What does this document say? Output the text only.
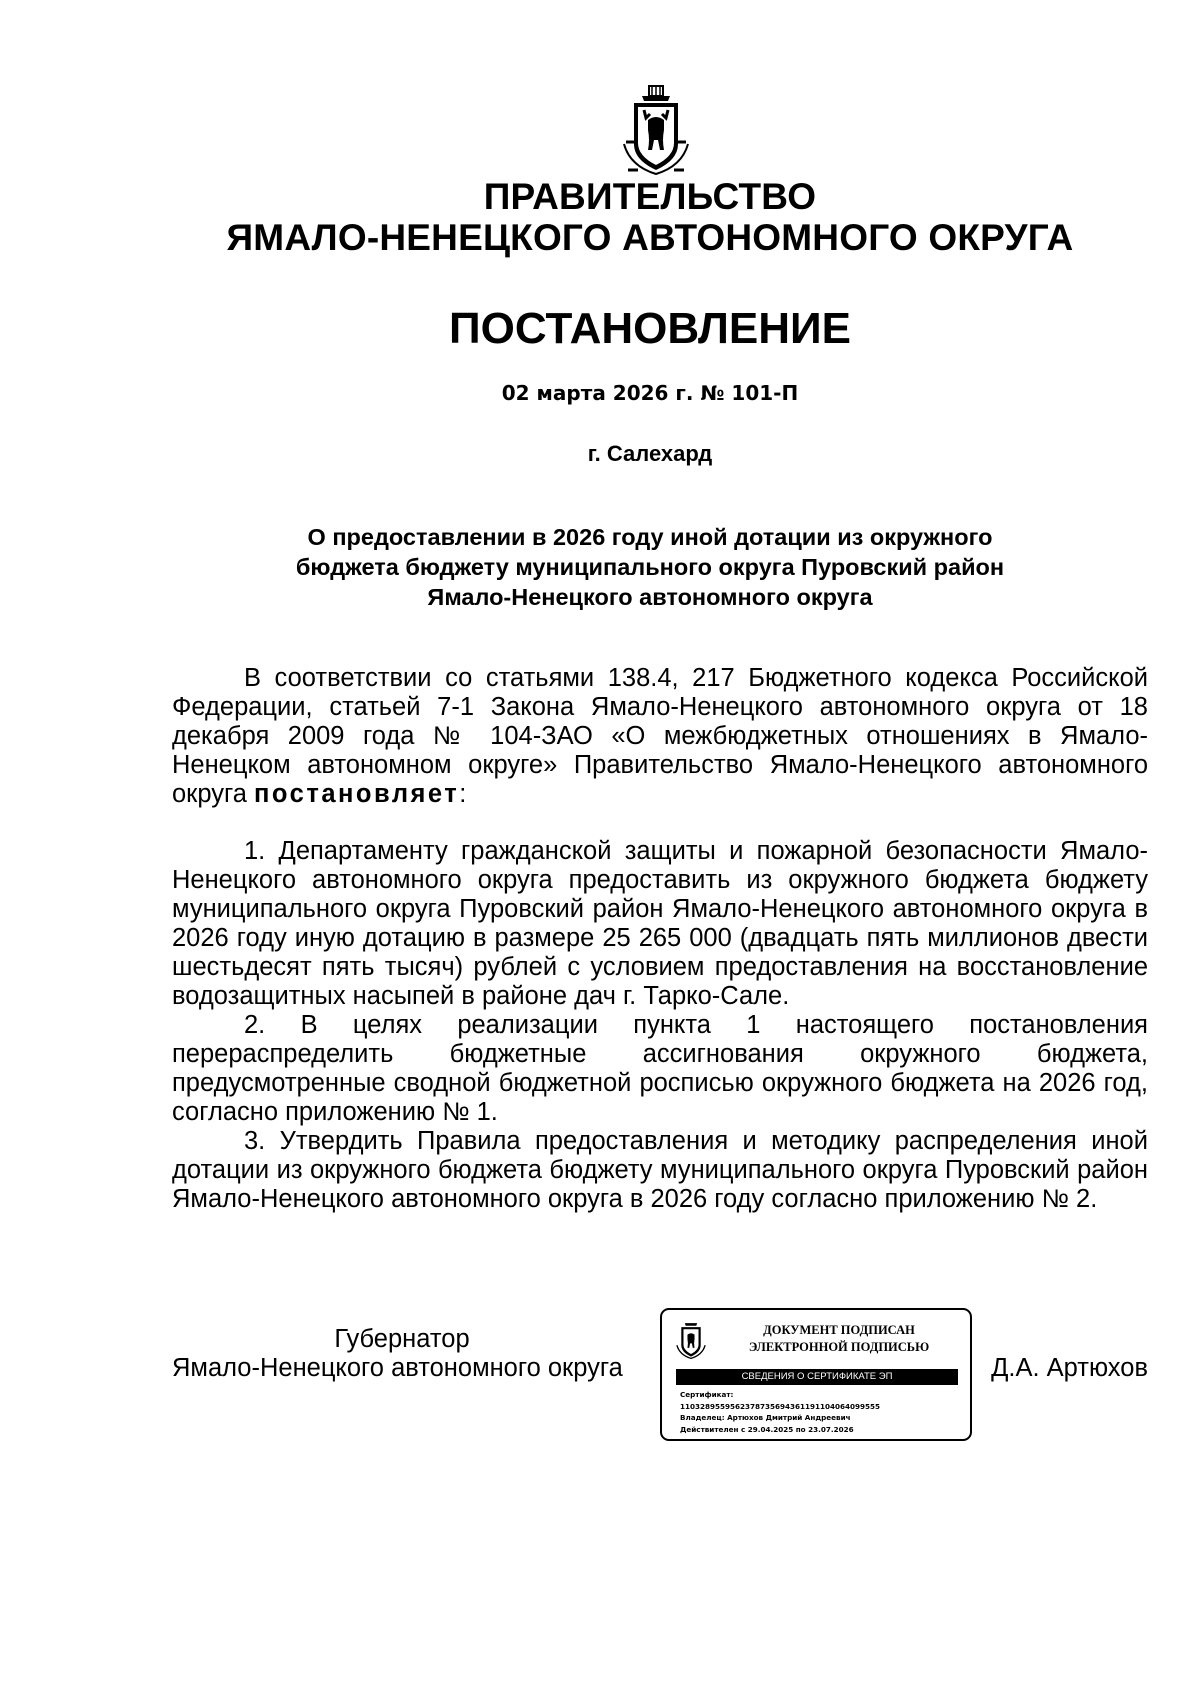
ПРАВИТЕЛЬСТВО
ЯМАЛО-НЕНЕЦКОГО АВТОНОМНОГО ОКРУГА
ПОСТАНОВЛЕНИЕ
02 марта 2026 г. № 101-П
г. Салехард
О предоставлении в 2026 году иной дотации из окружного
бюджета бюджету муниципального округа Пуровский район
Ямало-Ненецкого автономного округа

В соответствии со статьями 138.4, 217 Бюджетного кодекса Российской Федерации, статьей 7-1 Закона Ямало-Ненецкого автономного округа от 18 декабря 2009 года № 104-ЗАО «О межбюджетных отношениях в Ямало-Ненецком автономном округе» Правительство Ямало-Ненецкого автономного округа постановляет:

1. Департаменту гражданской защиты и пожарной безопасности Ямало-Ненецкого автономного округа предоставить из окружного бюджета бюджету муниципального округа Пуровский район Ямало-Ненецкого автономного округа в 2026 году иную дотацию в размере 25 265 000 (двадцать пять миллионов двести шестьдесят пять тысяч) рублей с условием предоставления на восстановление водозащитных насыпей в районе дач г. Тарко-Сале.

2. В целях реализации пункта 1 настоящего постановления перераспределить бюджетные ассигнования окружного бюджета, предусмотренные сводной бюджетной росписью окружного бюджета на 2026 год, согласно приложению № 1.

3. Утвердить Правила предоставления и методику распределения иной дотации из окружного бюджета бюджету муниципального округа Пуровский район Ямало-Ненецкого автономного округа в 2026 году согласно приложению № 2.

Губернатор
Ямало-Ненецкого автономного округа	Д.А. Артюхов
ДОКУМЕНТ ПОДПИСАН
ЭЛЕКТРОННОЙ ПОДПИСЬЮ
СВЕДЕНИЯ О СЕРТИФИКАТЕ ЭП
Сертификат:
1103289559562378735694361191104064099555
Владелец: Артюхов Дмитрий Андреевич
Действителен с 29.04.2025 по 23.07.2026
